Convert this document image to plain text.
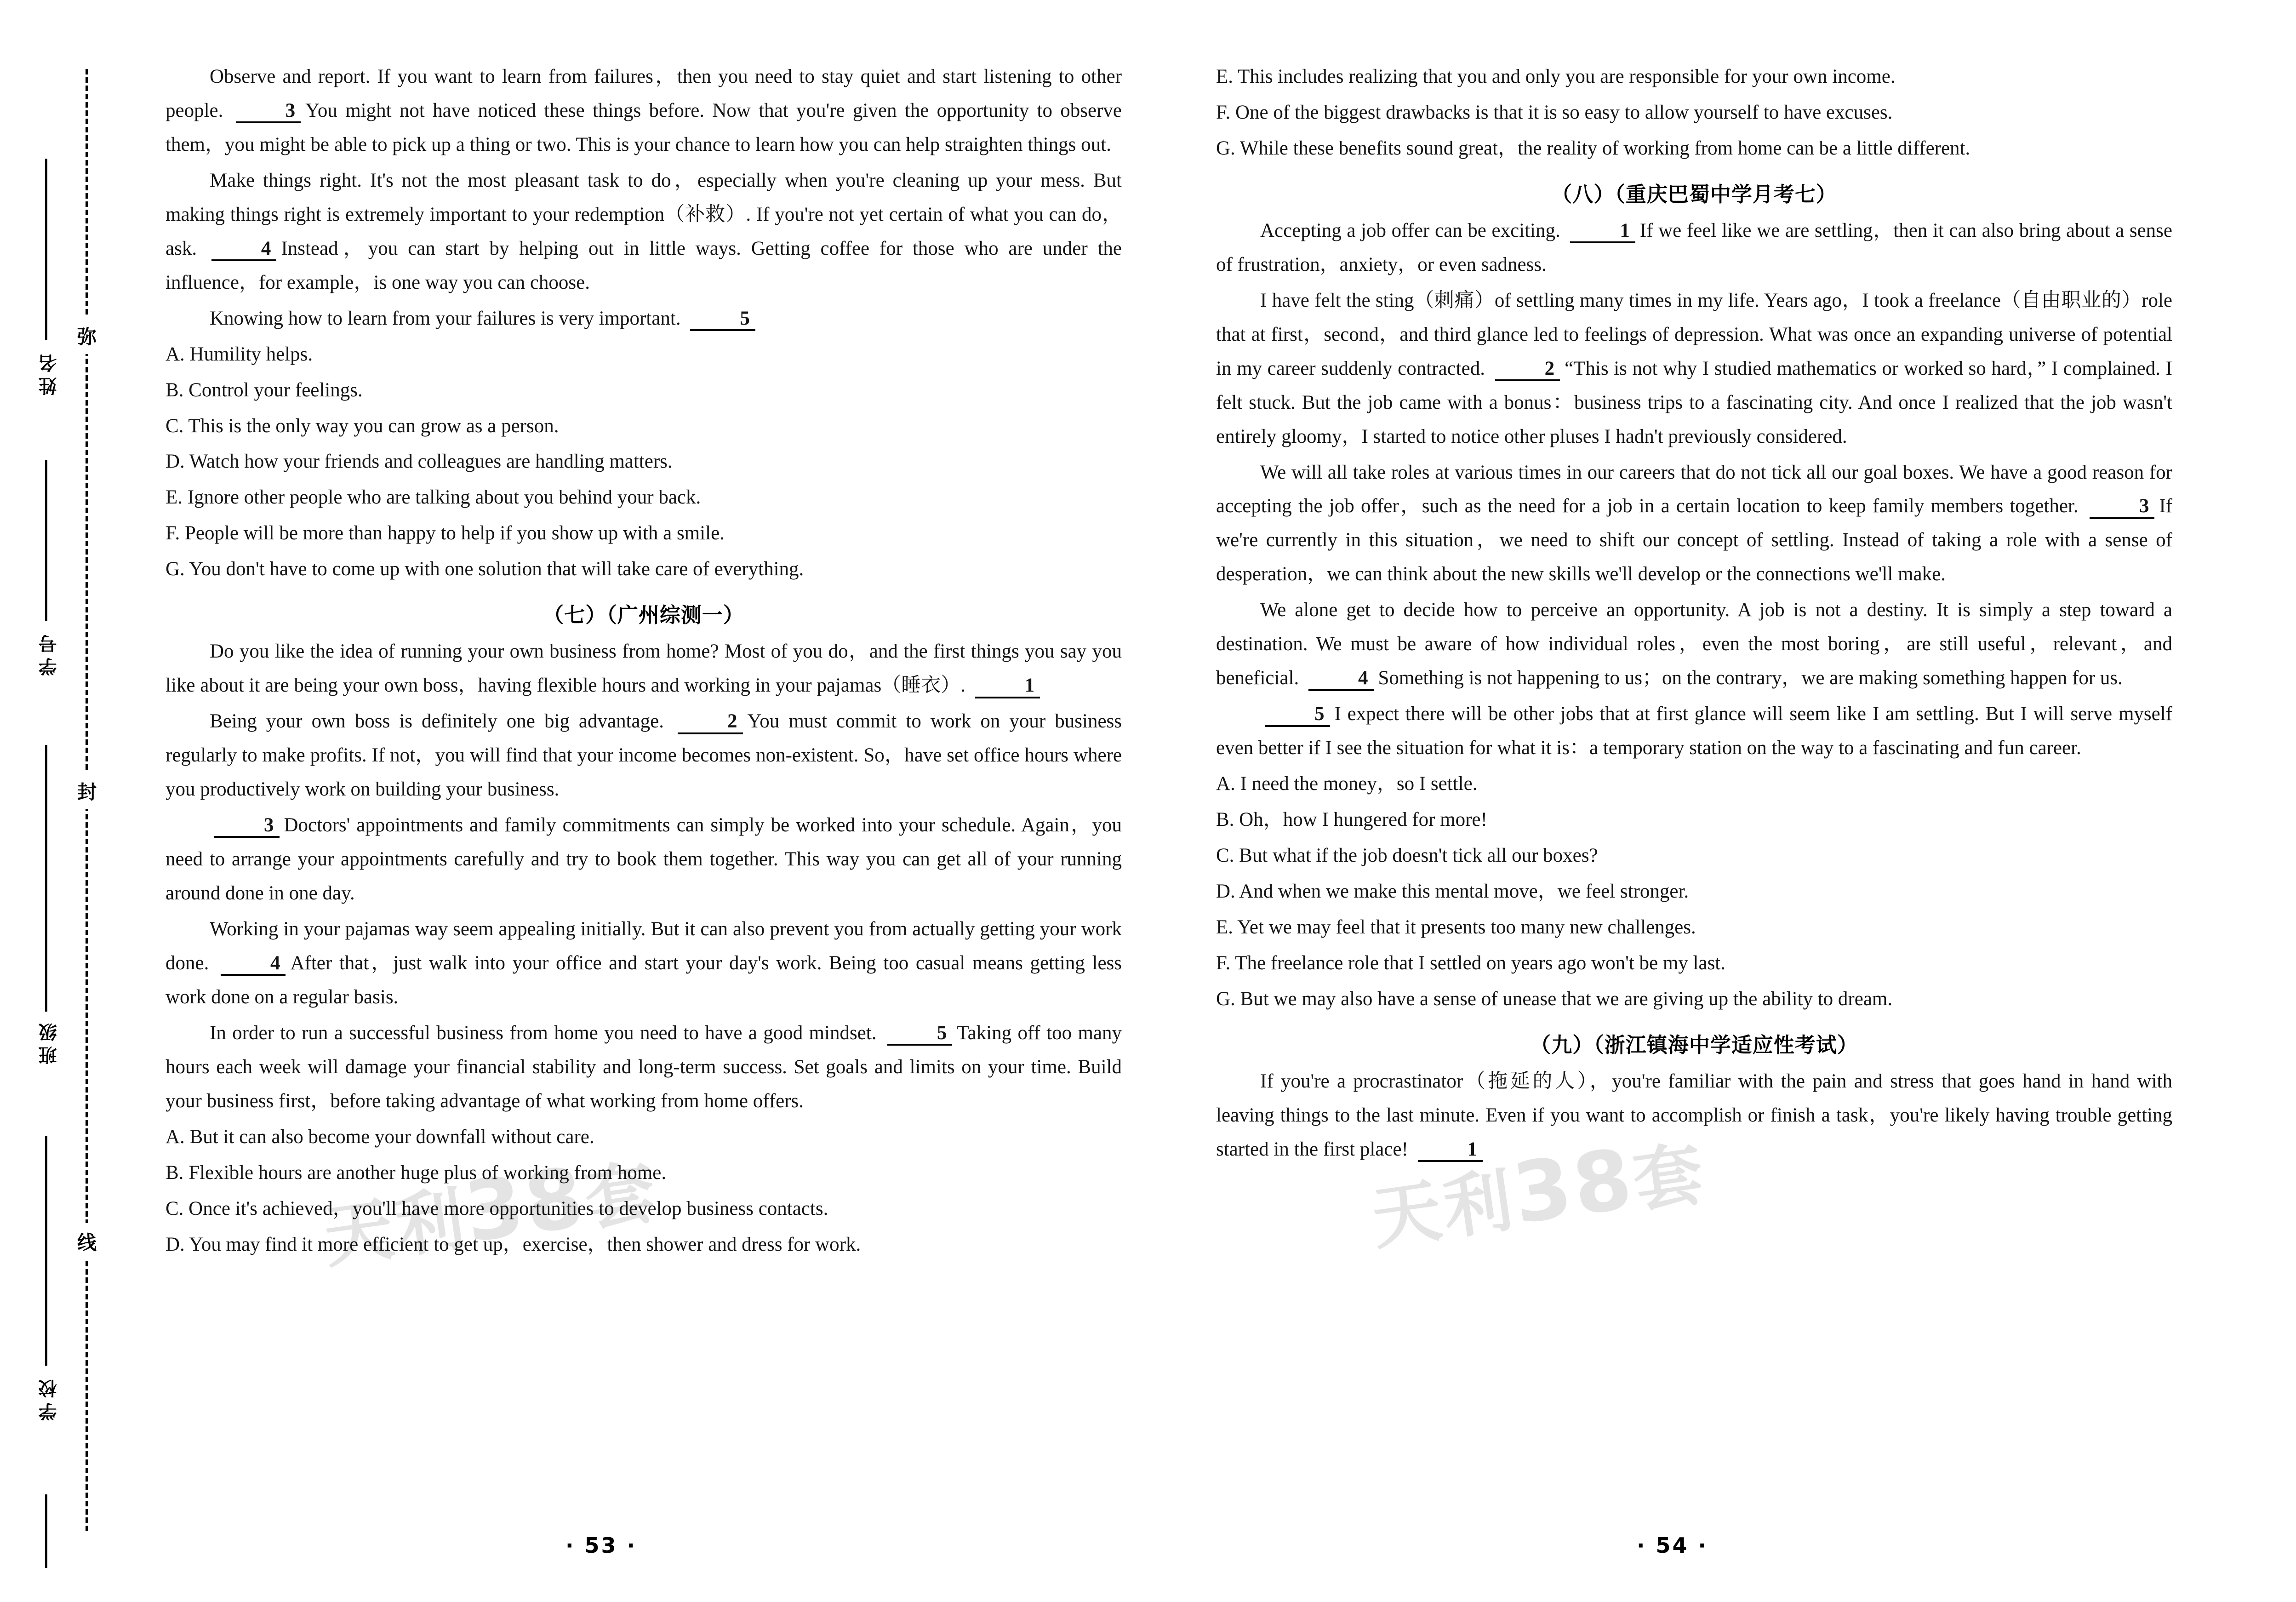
姓名
学号
班级
学校
弥
封
线	天利38套	天利38套

Observe and report. If you want to learn from failures，then you need to stay quiet and start listening to other people.	3 You might not have noticed these things before. Now that you're given the opportunity to observe them，you might be able to pick up a thing or two. This is your chance to learn how you can help straighten things out.

Make things right. It's not the most pleasant task to do，especially when you're cleaning up your mess. But making things right is extremely important to your redemption（补救）. If you're not yet certain of what you can do，ask.	4 Instead，you can start by helping out in little ways. Getting coffee for those who are under the influence，for example，is one way you can choose.

Knowing how to learn from your failures is very important.	5

A. Humility helps.

B. Control your feelings.

C. This is the only way you can grow as a person.

D. Watch how your friends and colleagues are handling matters.

E. Ignore other people who are talking about you behind your back.

F. People will be more than happy to help if you show up with a smile.

G. You don't have to come up with one solution that will take care of everything.

（七）（广州综测一）

Do you like the idea of running your own business from home? Most of you do，and the first things you say you like about it are being your own boss，having flexible hours and working in your pajamas（睡衣）.	1

Being your own boss is definitely one big advantage.	2 You must commit to work on your business regularly to make profits. If not，you will find that your income becomes non-existent. So，have set office hours where you productively work on building your business.

3 Doctors' appointments and family commitments can simply be worked into your schedule. Again，you need to arrange your appointments carefully and try to book them together. This way you can get all of your running around done in one day.

Working in your pajamas way seem appealing initially. But it can also prevent you from actually getting your work done.	4 After that，just walk into your office and start your day's work. Being too casual means getting less work done on a regular basis.

In order to run a successful business from home you need to have a good mindset.	5 Taking off too many hours each week will damage your financial stability and long-term success. Set goals and limits on your time. Build your business first，before taking advantage of what working from home offers.

A. But it can also become your downfall without care.

B. Flexible hours are another huge plus of working from home.

C. Once it's achieved，you'll have more opportunities to develop business contacts.

D. You may find it more efficient to get up，exercise，then shower and dress for work.

E. This includes realizing that you and only you are responsible for your own income.

F. One of the biggest drawbacks is that it is so easy to allow yourself to have excuses.

G. While these benefits sound great，the reality of working from home can be a little different.

（八）（重庆巴蜀中学月考七）

Accepting a job offer can be exciting.	1 If we feel like we are settling，then it can also bring about a sense of frustration，anxiety，or even sadness.

I have felt the sting（刺痛）of settling many times in my life. Years ago，I took a freelance（自由职业的）role that at first，second，and third glance led to feelings of depression. What was once an expanding universe of potential in my career suddenly contracted.	2 “This is not why I studied mathematics or worked so hard，” I complained. I felt stuck. But the job came with a bonus：business trips to a fascinating city. And once I realized that the job wasn't entirely gloomy，I started to notice other pluses I hadn't previously considered.

We will all take roles at various times in our careers that do not tick all our goal boxes. We have a good reason for accepting the job offer，such as the need for a job in a certain location to keep family members together.	3 If we're currently in this situation，we need to shift our concept of settling. Instead of taking a role with a sense of desperation，we can think about the new skills we'll develop or the connections we'll make.

We alone get to decide how to perceive an opportunity. A job is not a destiny. It is simply a step toward a destination. We must be aware of how individual roles，even the most boring，are still useful，relevant，and beneficial.	4 Something is not happening to us；on the contrary，we are making something happen for us.

5 I expect there will be other jobs that at first glance will seem like I am settling. But I will serve myself even better if I see the situation for what it is：a temporary station on the way to a fascinating and fun career.

A. I need the money，so I settle.

B. Oh，how I hungered for more!

C. But what if the job doesn't tick all our boxes?

D. And when we make this mental move，we feel stronger.

E. Yet we may feel that it presents too many new challenges.

F. The freelance role that I settled on years ago won't be my last.

G. But we may also have a sense of unease that we are giving up the ability to dream.

（九）（浙江镇海中学适应性考试）

If you're a procrastinator（拖延的人），you're familiar with the pain and stress that goes hand in hand with leaving things to the last minute. Even if you want to accomplish or finish a task，you're likely having trouble getting started in the first place!	1

· 53 ·	· 54 ·
